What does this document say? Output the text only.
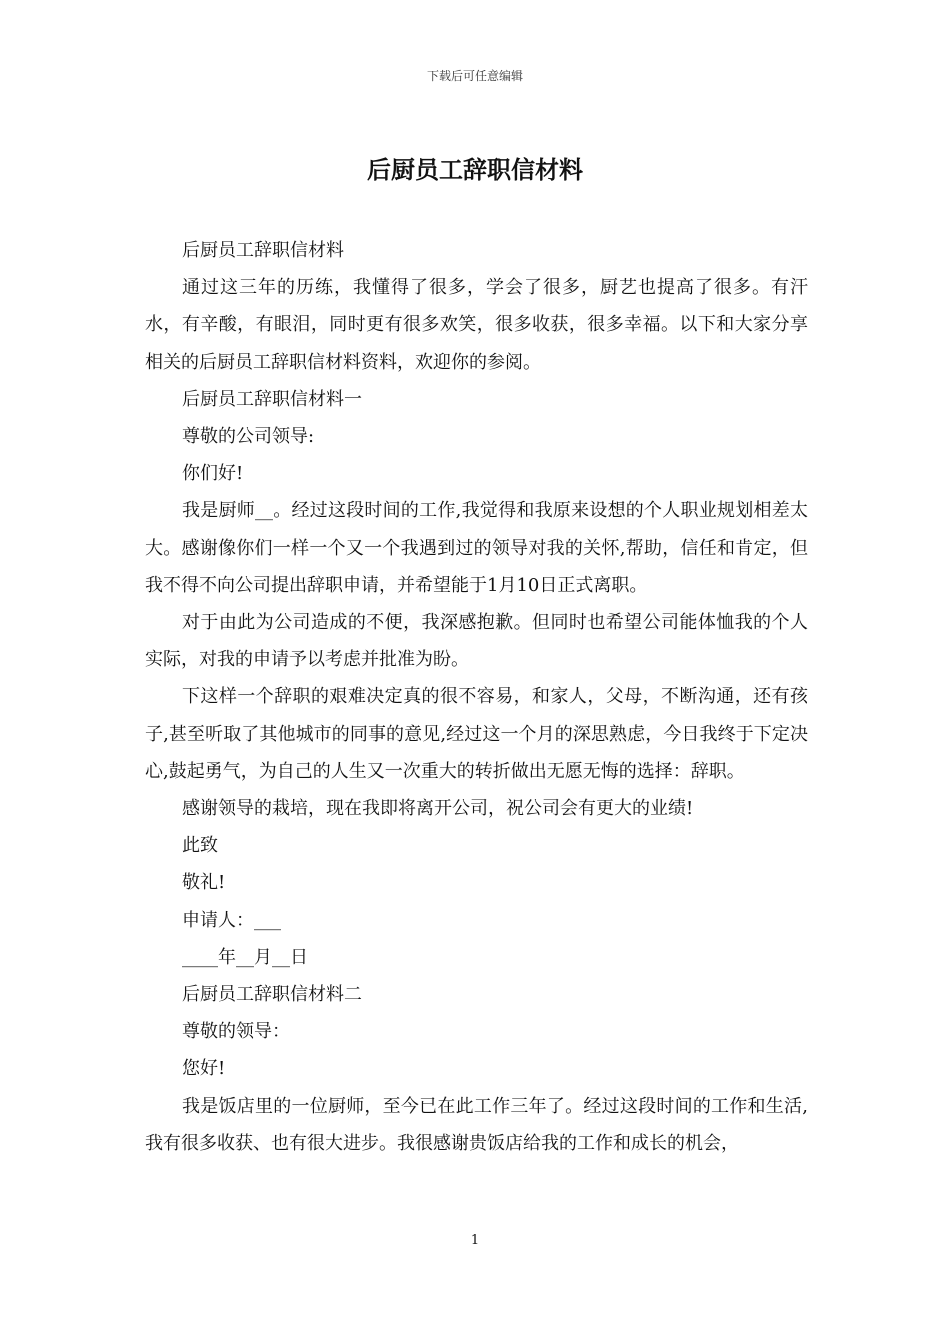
下载后可任意编辑
后厨员工辞职信材料

后厨员工辞职信材料

通过这三年的历练，我懂得了很多，学会了很多，厨艺也提高了很多。有汗水，有辛酸，有眼泪，同时更有很多欢笑，很多收获，很多幸福。以下和大家分享相关的后厨员工辞职信材料资料，欢迎你的参阅。

后厨员工辞职信材料一

尊敬的公司领导:

你们好!

我是厨师__。经过这段时间的工作,我觉得和我原来设想的个人职业规划相差太大。感谢像你们一样一个又一个我遇到过的领导对我的关怀,帮助，信任和肯定，但我不得不向公司提出辞职申请，并希望能于1月10日正式离职。

对于由此为公司造成的不便，我深感抱歉。但同时也希望公司能体恤我的个人实际，对我的申请予以考虑并批准为盼。

下这样一个辞职的艰难决定真的很不容易，和家人，父母，不断沟通，还有孩子,甚至听取了其他城市的同事的意见,经过这一个月的深思熟虑，今日我终于下定决心,鼓起勇气，为自己的人生又一次重大的转折做出无愿无悔的选择：辞职。

感谢领导的栽培，现在我即将离开公司，祝公司会有更大的业绩!

此致

敬礼!

申请人：___

____年__月__日

后厨员工辞职信材料二

尊敬的领导：

您好!

我是饭店里的一位厨师，至今已在此工作三年了。经过这段时间的工作和生活,我有很多收获、也有很大进步。我很感谢贵饭店给我的工作和成长的机会，

1
